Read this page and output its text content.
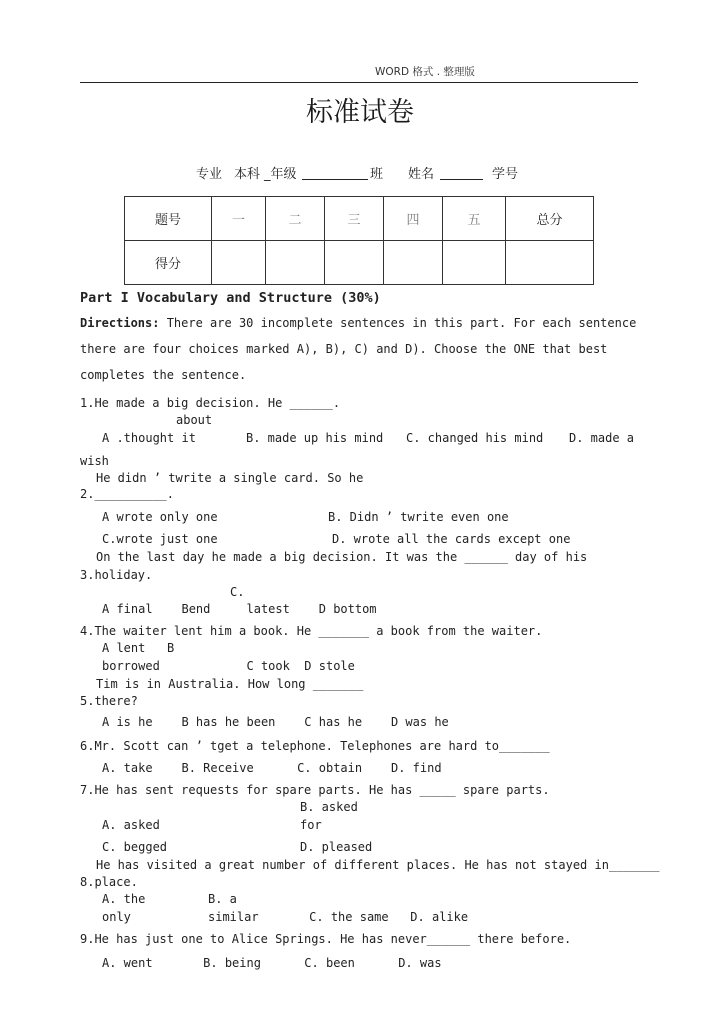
WORD 格式 . 整理版
标准试卷
专业 本科 _年级	班 姓名	学号
题号	一	二	三	四	五	总分
得分						
Part I Vocabulary and Structure (30%)
Directions: There are 30 incomplete sentences in this part. For each sentence
there are four choices marked A), B), C) and D). Choose the ONE that best
completes the sentence.
1.He made a big decision. He ______.
about
A .thought it	B. made up his mind C. changed his mind D. made a
wish
He didn ’ twrite a single card. So he
2.__________.
A wrote only one	B. Didn ’ twrite even one
C.wrote just one	D. wrote all the cards except one
On the last day he made a big decision. It was the ______ day of his
3.holiday.
C.
A final    Bend     latest    D bottom
4.The waiter lent him a book. He _______ a book from the waiter.
A lent   B
borrowed            C took  D stole
Tim is in Australia. How long _______
5.there?
A is he    B has he been    C has he    D was he
6.Mr. Scott can ’ tget a telephone. Telephones are hard to_______
A. take    B. Receive      C. obtain    D. find
7.He has sent requests for spare parts. He has _____ spare parts.
B. asked
A. asked	for
C. begged	D. pleased
He has visited a great number of different places. He has not stayed in_______
8.place.
A. the	B. a
only	similar       C. the same   D. alike
9.He has just one to Alice Springs. He has never______ there before.
A. went       B. being      C. been      D. was
